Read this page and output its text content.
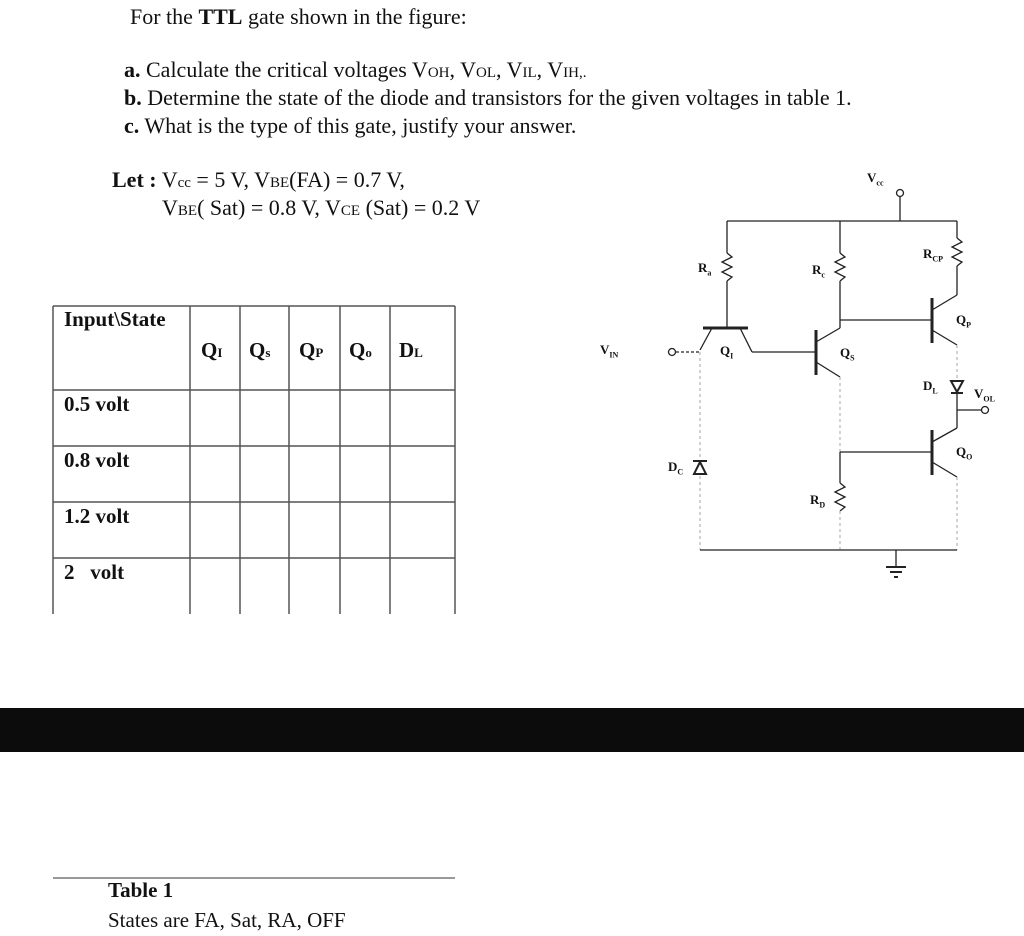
For the TTL gate shown in the figure:
a. Calculate the critical voltages VOH, VOL, VIL, VIH,.
b. Determine the state of the diode and transistors for the given voltages in table 1.
c. What is the type of this gate, justify your answer.
Let : Vcc = 5 V, VBE(FA) = 0.7 V,
VBE( Sat) = 0.8 V, VCE (Sat) = 0.2 V
Input\State
QI Qs QP Qo DL
0.5 volt
0.8 volt
1.2 volt
2   volt
$V_{cc}$
$V_{IN}$
$V_{OL}$
$R_a$	$R_c$
$R_{CP}$
$R_D$
$Q_I$	$Q_S$
$Q_P$
$Q_O$
$D_C$
$D_L$
Table 1
States are FA, Sat, RA, OFF
